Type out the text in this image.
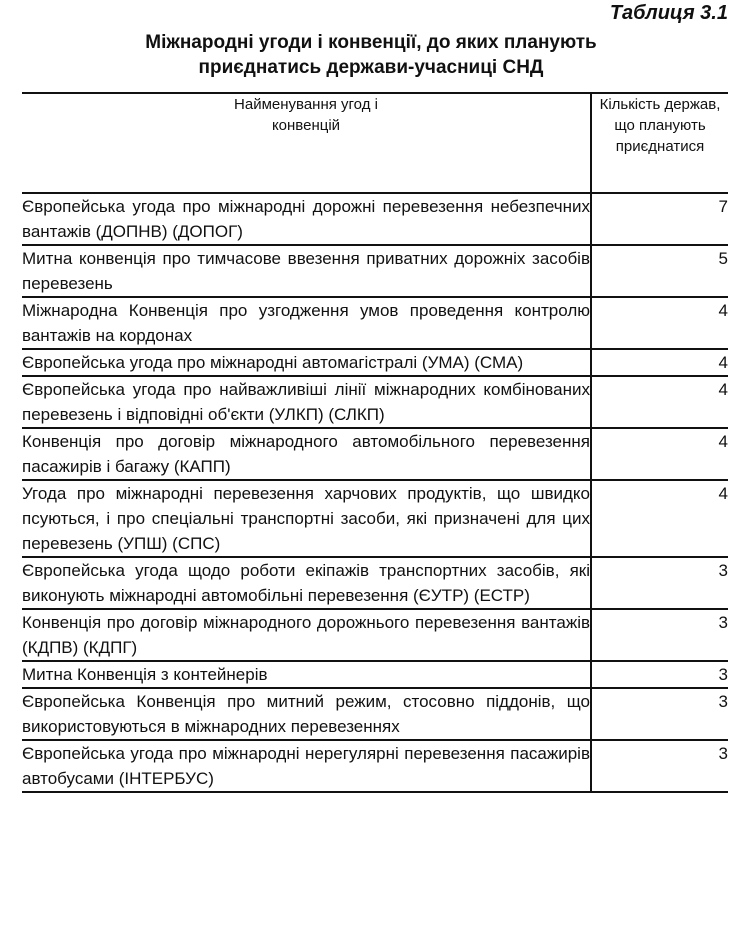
Таблиця 3.1
Міжнародні угоди і конвенції, до яких планують
приєднатись держави-учасниці СНД
Найменування угод і конвенцій	Кількість держав, що планують приєднатися

Європейська угода про міжнародні дорожні перевезення небезпечних вантажів (ДОПНВ) (ДОПОГ)	7
Митна конвенція про тимчасове ввезення приватних дорожніх засобів перевезень	5
Міжнародна Конвенція про узгодження умов проведення контролю вантажів на кордонах	4
Європейська угода про міжнародні автомагістралі (УМА) (СМА)	4
Європейська угода про найважливіші лінії міжнародних комбінованих перевезень і відповідні об'єкти (УЛКП) (СЛКП)	4
Конвенція про договір міжнародного автомобільного перевезення пасажирів і багажу (КАПП)	4
Угода про міжнародні перевезення харчових продуктів, що швидко псуються, і про спеціальні транспортні засоби, які призначені для цих перевезень (УПШ) (СПС)	4
Європейська угода щодо роботи екіпажів транспортних засобів, які виконують міжнародні автомобільні перевезення (ЄУТР) (ЕСТР)	3
Конвенція про договір міжнародного дорожнього перевезення вантажів (КДПВ) (КДПГ)	3
Митна Конвенція з контейнерів	3
Європейська Конвенція про митний режим, стосовно піддонів, що використовуються в міжнародних перевезеннях	3
Європейська угода про міжнародні нерегулярні перевезення пасажирів автобусами (ІНТЕРБУС)	3
